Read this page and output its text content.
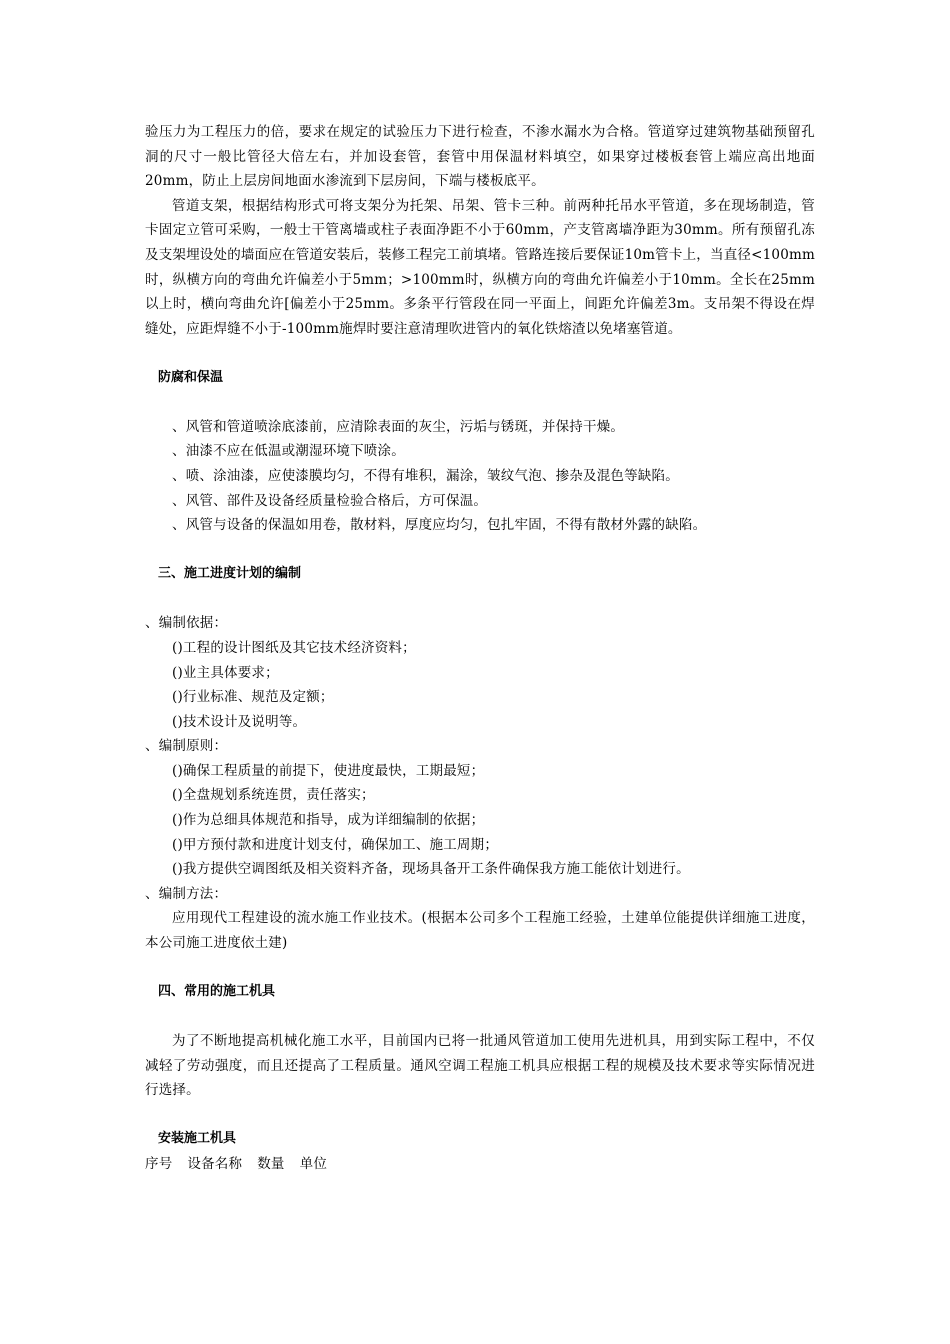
验压力为工程压力的倍，要求在规定的试验压力下进行检查，不渗水漏水为合格。管道穿过建筑物基础预留孔洞的尺寸一般比管径大倍左右，并加设套管，套管中用保温材料填空，如果穿过楼板套管上端应高出地面20mm，防止上层房间地面水渗流到下层房间，下端与楼板底平。

管道支架，根据结构形式可将支架分为托架、吊架、管卡三种。前两种托吊水平管道，多在现场制造，管卡固定立管可采购，一般士干管离墙或柱子表面净距不小于60mm，产支管离墙净距为30mm。所有预留孔冻及支架埋设处的墙面应在管道安装后，装修工程完工前填堵。管路连接后要保证10m管卡上，当直径<100mm时，纵横方向的弯曲允许偏差小于5mm；>100mm时，纵横方向的弯曲允许偏差小于10mm。全长在25mm以上时，横向弯曲允许[偏差小于25mm。多条平行管段在同一平面上，间距允许偏差3m。支吊架不得设在焊缝处，应距焊缝不小于-100mm施焊时要注意清理吹进管内的氧化铁熔渣以免堵塞管道。

防腐和保温

、风管和管道喷涂底漆前，应清除表面的灰尘，污垢与锈斑，并保持干燥。

、油漆不应在低温或潮湿环境下喷涂。

、喷、涂油漆，应使漆膜均匀，不得有堆积，漏涂，皱纹气泡、掺杂及混色等缺陷。

、风管、部件及设备经质量检验合格后，方可保温。

、风管与设备的保温如用卷，散材料，厚度应均匀，包扎牢固，不得有散材外露的缺陷。

三、施工进度计划的编制

、编制依据：

()工程的设计图纸及其它技术经济资料；

()业主具体要求；

()行业标准、规范及定额；

()技术设计及说明等。

、编制原则：

()确保工程质量的前提下，使进度最快，工期最短；

()全盘规划系统连贯，责任落实；

()作为总细具体规范和指导，成为详细编制的依据；

()甲方预付款和进度计划支付，确保加工、施工周期；

()我方提供空调图纸及相关资料齐备，现场具备开工条件确保我方施工能依计划进行。

、编制方法：

应用现代工程建设的流水施工作业技术。(根据本公司多个工程施工经验，土建单位能提供详细施工进度，本公司施工进度依土建)

四、常用的施工机具

为了不断地提高机械化施工水平，目前国内已将一批通风管道加工使用先进机具，用到实际工程中，不仅减轻了劳动强度，而且还提高了工程质量。通风空调工程施工机具应根据工程的规模及技术要求等实际情况进行选择。

安装施工机具

序号 设备名称 数量 单位
